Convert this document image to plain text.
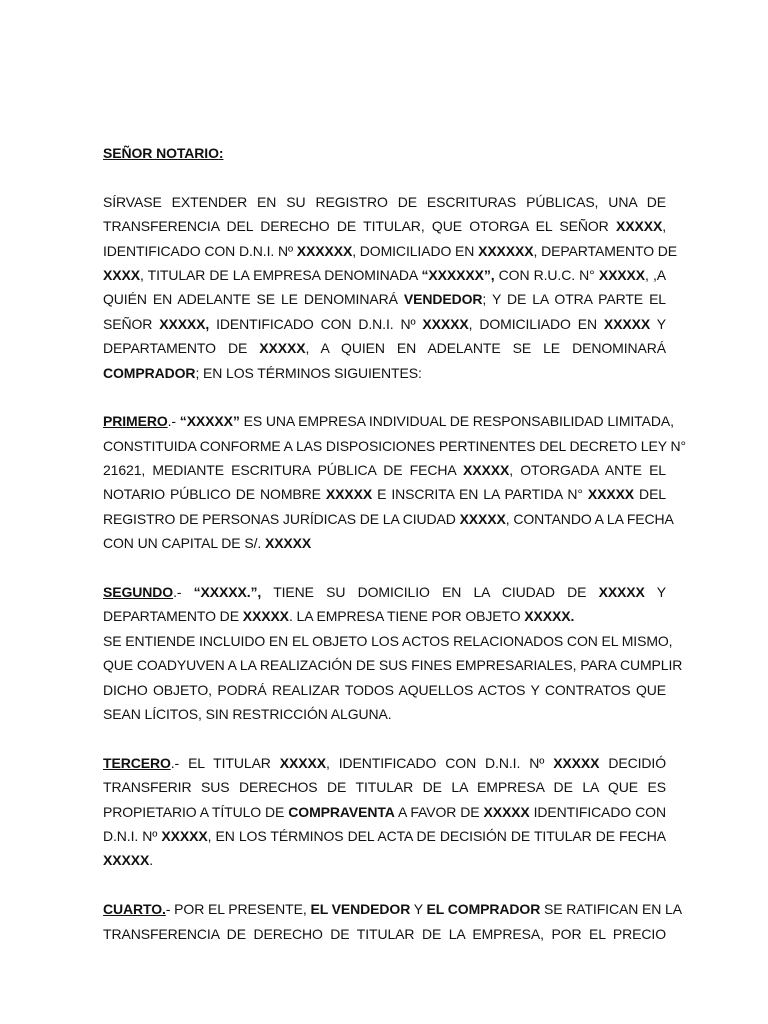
SEÑOR NOTARIO:
SÍRVASE EXTENDER EN SU REGISTRO DE ESCRITURAS PÚBLICAS, UNA DE
TRANSFERENCIA DEL DERECHO DE TITULAR, QUE OTORGA EL SEÑOR XXXXX,
IDENTIFICADO CON D.N.I. Nº XXXXXX, DOMICILIADO EN XXXXXX, DEPARTAMENTO DE
XXXX, TITULAR DE LA EMPRESA DENOMINADA “XXXXXX”, CON R.U.C. N° XXXXX, ,A
QUIÉN EN ADELANTE SE LE DENOMINARÁ VENDEDOR; Y DE LA OTRA PARTE EL
SEÑOR XXXXX, IDENTIFICADO CON D.N.I. Nº XXXXX, DOMICILIADO EN XXXXX Y
DEPARTAMENTO DE XXXXX, A QUIEN EN ADELANTE SE LE DENOMINARÁ
COMPRADOR; EN LOS TÉRMINOS SIGUIENTES:
PRIMERO.- “XXXXX” ES UNA EMPRESA INDIVIDUAL DE RESPONSABILIDAD LIMITADA,
CONSTITUIDA CONFORME A LAS DISPOSICIONES PERTINENTES DEL DECRETO LEY N°
21621, MEDIANTE ESCRITURA PÚBLICA DE FECHA XXXXX, OTORGADA ANTE EL
NOTARIO PÚBLICO DE NOMBRE XXXXX E INSCRITA EN LA PARTIDA N° XXXXX DEL
REGISTRO DE PERSONAS JURÍDICAS DE LA CIUDAD XXXXX, CONTANDO A LA FECHA
CON UN CAPITAL DE S/. XXXXX
SEGUNDO.- “XXXXX.”, TIENE SU DOMICILIO EN LA CIUDAD DE XXXXX Y
DEPARTAMENTO DE XXXXX. LA EMPRESA TIENE POR OBJETO XXXXX.
SE ENTIENDE INCLUIDO EN EL OBJETO LOS ACTOS RELACIONADOS CON EL MISMO,
QUE COADYUVEN A LA REALIZACIÓN DE SUS FINES EMPRESARIALES, PARA CUMPLIR
DICHO OBJETO, PODRÁ REALIZAR TODOS AQUELLOS ACTOS Y CONTRATOS QUE
SEAN LÍCITOS, SIN RESTRICCIÓN ALGUNA.
TERCERO.- EL TITULAR XXXXX, IDENTIFICADO CON D.N.I. Nº XXXXX DECIDIÓ
TRANSFERIR SUS DERECHOS DE TITULAR DE LA EMPRESA DE LA QUE ES
PROPIETARIO A TÍTULO DE COMPRAVENTA A FAVOR DE XXXXX IDENTIFICADO CON
D.N.I. Nº XXXXX, EN LOS TÉRMINOS DEL ACTA DE DECISIÓN DE TITULAR DE FECHA
XXXXX.
CUARTO.- POR EL PRESENTE, EL VENDEDOR Y EL COMPRADOR SE RATIFICAN EN LA
TRANSFERENCIA DE DERECHO DE TITULAR DE LA EMPRESA, POR EL PRECIO
